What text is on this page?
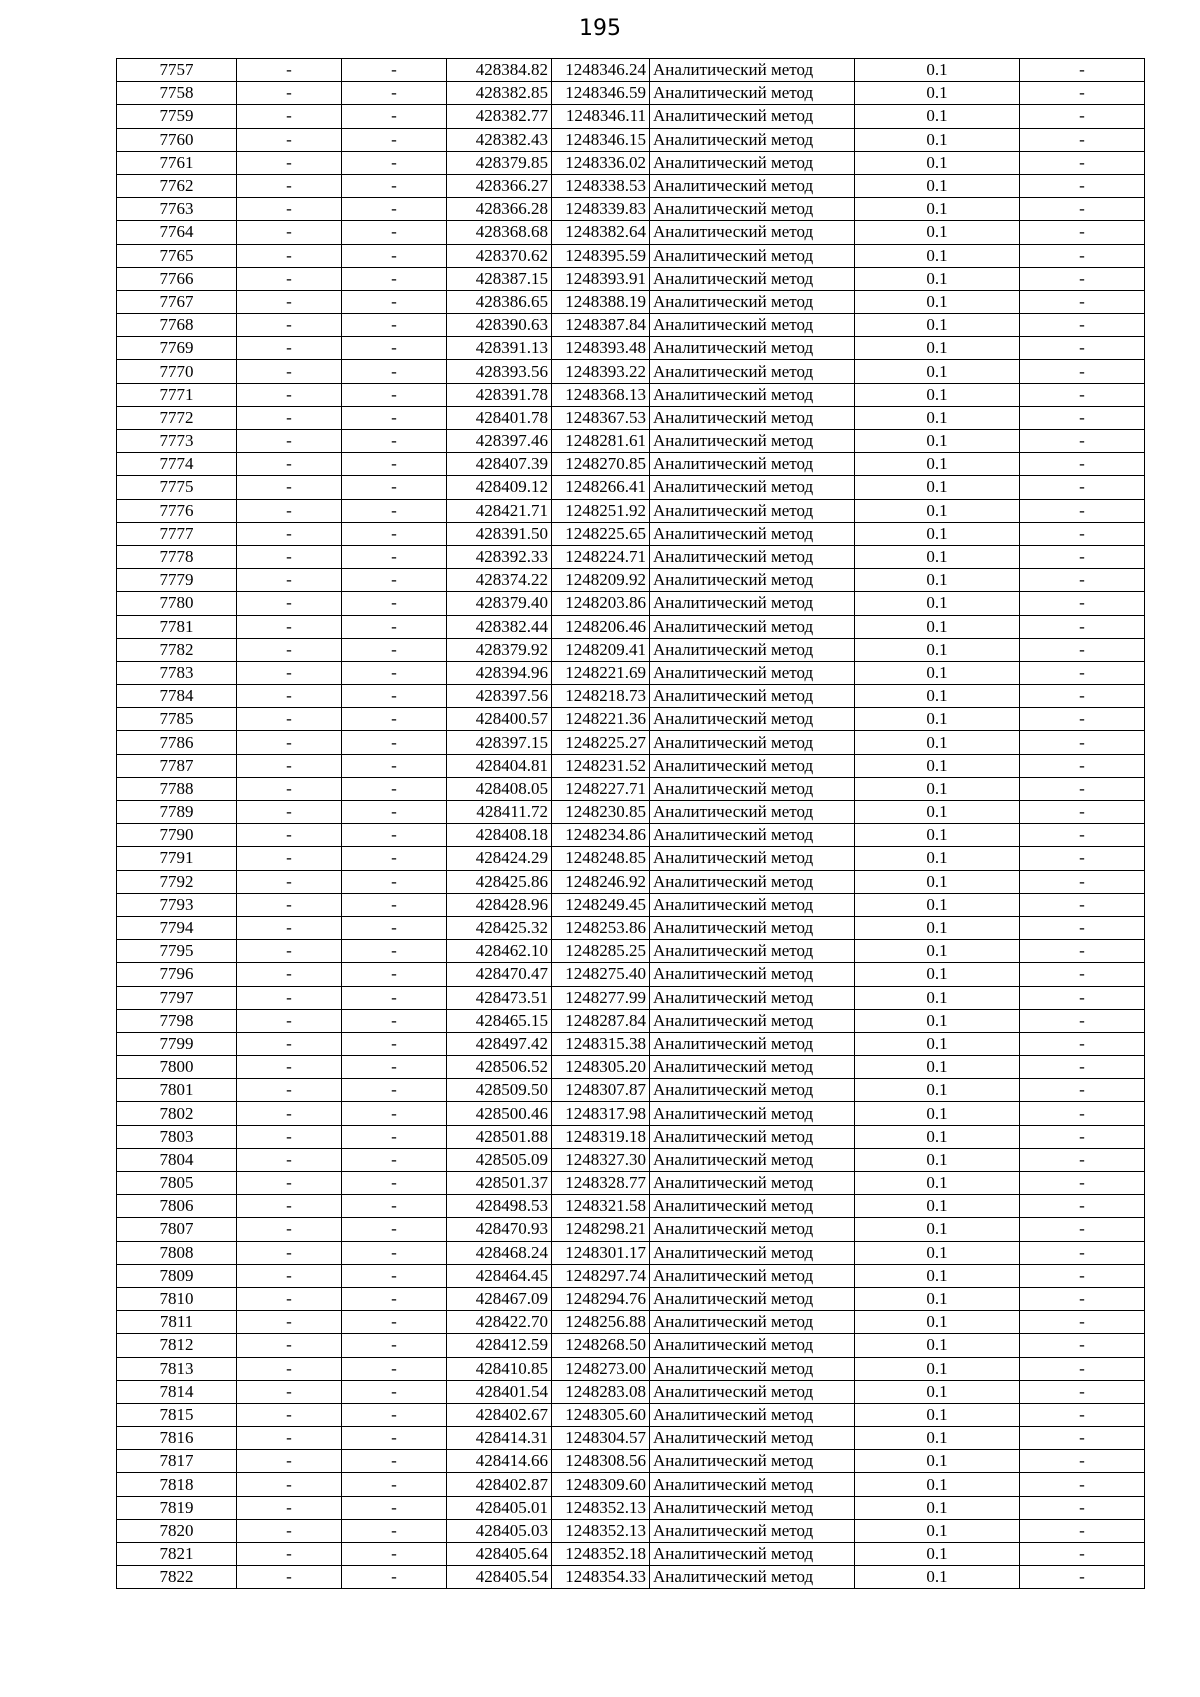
195
7757	-	-	428384.82	1248346.24	Аналитический метод	0.1	-
7758	-	-	428382.85	1248346.59	Аналитический метод	0.1	-
7759	-	-	428382.77	1248346.11	Аналитический метод	0.1	-
7760	-	-	428382.43	1248346.15	Аналитический метод	0.1	-
7761	-	-	428379.85	1248336.02	Аналитический метод	0.1	-
7762	-	-	428366.27	1248338.53	Аналитический метод	0.1	-
7763	-	-	428366.28	1248339.83	Аналитический метод	0.1	-
7764	-	-	428368.68	1248382.64	Аналитический метод	0.1	-
7765	-	-	428370.62	1248395.59	Аналитический метод	0.1	-
7766	-	-	428387.15	1248393.91	Аналитический метод	0.1	-
7767	-	-	428386.65	1248388.19	Аналитический метод	0.1	-
7768	-	-	428390.63	1248387.84	Аналитический метод	0.1	-
7769	-	-	428391.13	1248393.48	Аналитический метод	0.1	-
7770	-	-	428393.56	1248393.22	Аналитический метод	0.1	-
7771	-	-	428391.78	1248368.13	Аналитический метод	0.1	-
7772	-	-	428401.78	1248367.53	Аналитический метод	0.1	-
7773	-	-	428397.46	1248281.61	Аналитический метод	0.1	-
7774	-	-	428407.39	1248270.85	Аналитический метод	0.1	-
7775	-	-	428409.12	1248266.41	Аналитический метод	0.1	-
7776	-	-	428421.71	1248251.92	Аналитический метод	0.1	-
7777	-	-	428391.50	1248225.65	Аналитический метод	0.1	-
7778	-	-	428392.33	1248224.71	Аналитический метод	0.1	-
7779	-	-	428374.22	1248209.92	Аналитический метод	0.1	-
7780	-	-	428379.40	1248203.86	Аналитический метод	0.1	-
7781	-	-	428382.44	1248206.46	Аналитический метод	0.1	-
7782	-	-	428379.92	1248209.41	Аналитический метод	0.1	-
7783	-	-	428394.96	1248221.69	Аналитический метод	0.1	-
7784	-	-	428397.56	1248218.73	Аналитический метод	0.1	-
7785	-	-	428400.57	1248221.36	Аналитический метод	0.1	-
7786	-	-	428397.15	1248225.27	Аналитический метод	0.1	-
7787	-	-	428404.81	1248231.52	Аналитический метод	0.1	-
7788	-	-	428408.05	1248227.71	Аналитический метод	0.1	-
7789	-	-	428411.72	1248230.85	Аналитический метод	0.1	-
7790	-	-	428408.18	1248234.86	Аналитический метод	0.1	-
7791	-	-	428424.29	1248248.85	Аналитический метод	0.1	-
7792	-	-	428425.86	1248246.92	Аналитический метод	0.1	-
7793	-	-	428428.96	1248249.45	Аналитический метод	0.1	-
7794	-	-	428425.32	1248253.86	Аналитический метод	0.1	-
7795	-	-	428462.10	1248285.25	Аналитический метод	0.1	-
7796	-	-	428470.47	1248275.40	Аналитический метод	0.1	-
7797	-	-	428473.51	1248277.99	Аналитический метод	0.1	-
7798	-	-	428465.15	1248287.84	Аналитический метод	0.1	-
7799	-	-	428497.42	1248315.38	Аналитический метод	0.1	-
7800	-	-	428506.52	1248305.20	Аналитический метод	0.1	-
7801	-	-	428509.50	1248307.87	Аналитический метод	0.1	-
7802	-	-	428500.46	1248317.98	Аналитический метод	0.1	-
7803	-	-	428501.88	1248319.18	Аналитический метод	0.1	-
7804	-	-	428505.09	1248327.30	Аналитический метод	0.1	-
7805	-	-	428501.37	1248328.77	Аналитический метод	0.1	-
7806	-	-	428498.53	1248321.58	Аналитический метод	0.1	-
7807	-	-	428470.93	1248298.21	Аналитический метод	0.1	-
7808	-	-	428468.24	1248301.17	Аналитический метод	0.1	-
7809	-	-	428464.45	1248297.74	Аналитический метод	0.1	-
7810	-	-	428467.09	1248294.76	Аналитический метод	0.1	-
7811	-	-	428422.70	1248256.88	Аналитический метод	0.1	-
7812	-	-	428412.59	1248268.50	Аналитический метод	0.1	-
7813	-	-	428410.85	1248273.00	Аналитический метод	0.1	-
7814	-	-	428401.54	1248283.08	Аналитический метод	0.1	-
7815	-	-	428402.67	1248305.60	Аналитический метод	0.1	-
7816	-	-	428414.31	1248304.57	Аналитический метод	0.1	-
7817	-	-	428414.66	1248308.56	Аналитический метод	0.1	-
7818	-	-	428402.87	1248309.60	Аналитический метод	0.1	-
7819	-	-	428405.01	1248352.13	Аналитический метод	0.1	-
7820	-	-	428405.03	1248352.13	Аналитический метод	0.1	-
7821	-	-	428405.64	1248352.18	Аналитический метод	0.1	-
7822	-	-	428405.54	1248354.33	Аналитический метод	0.1	-
